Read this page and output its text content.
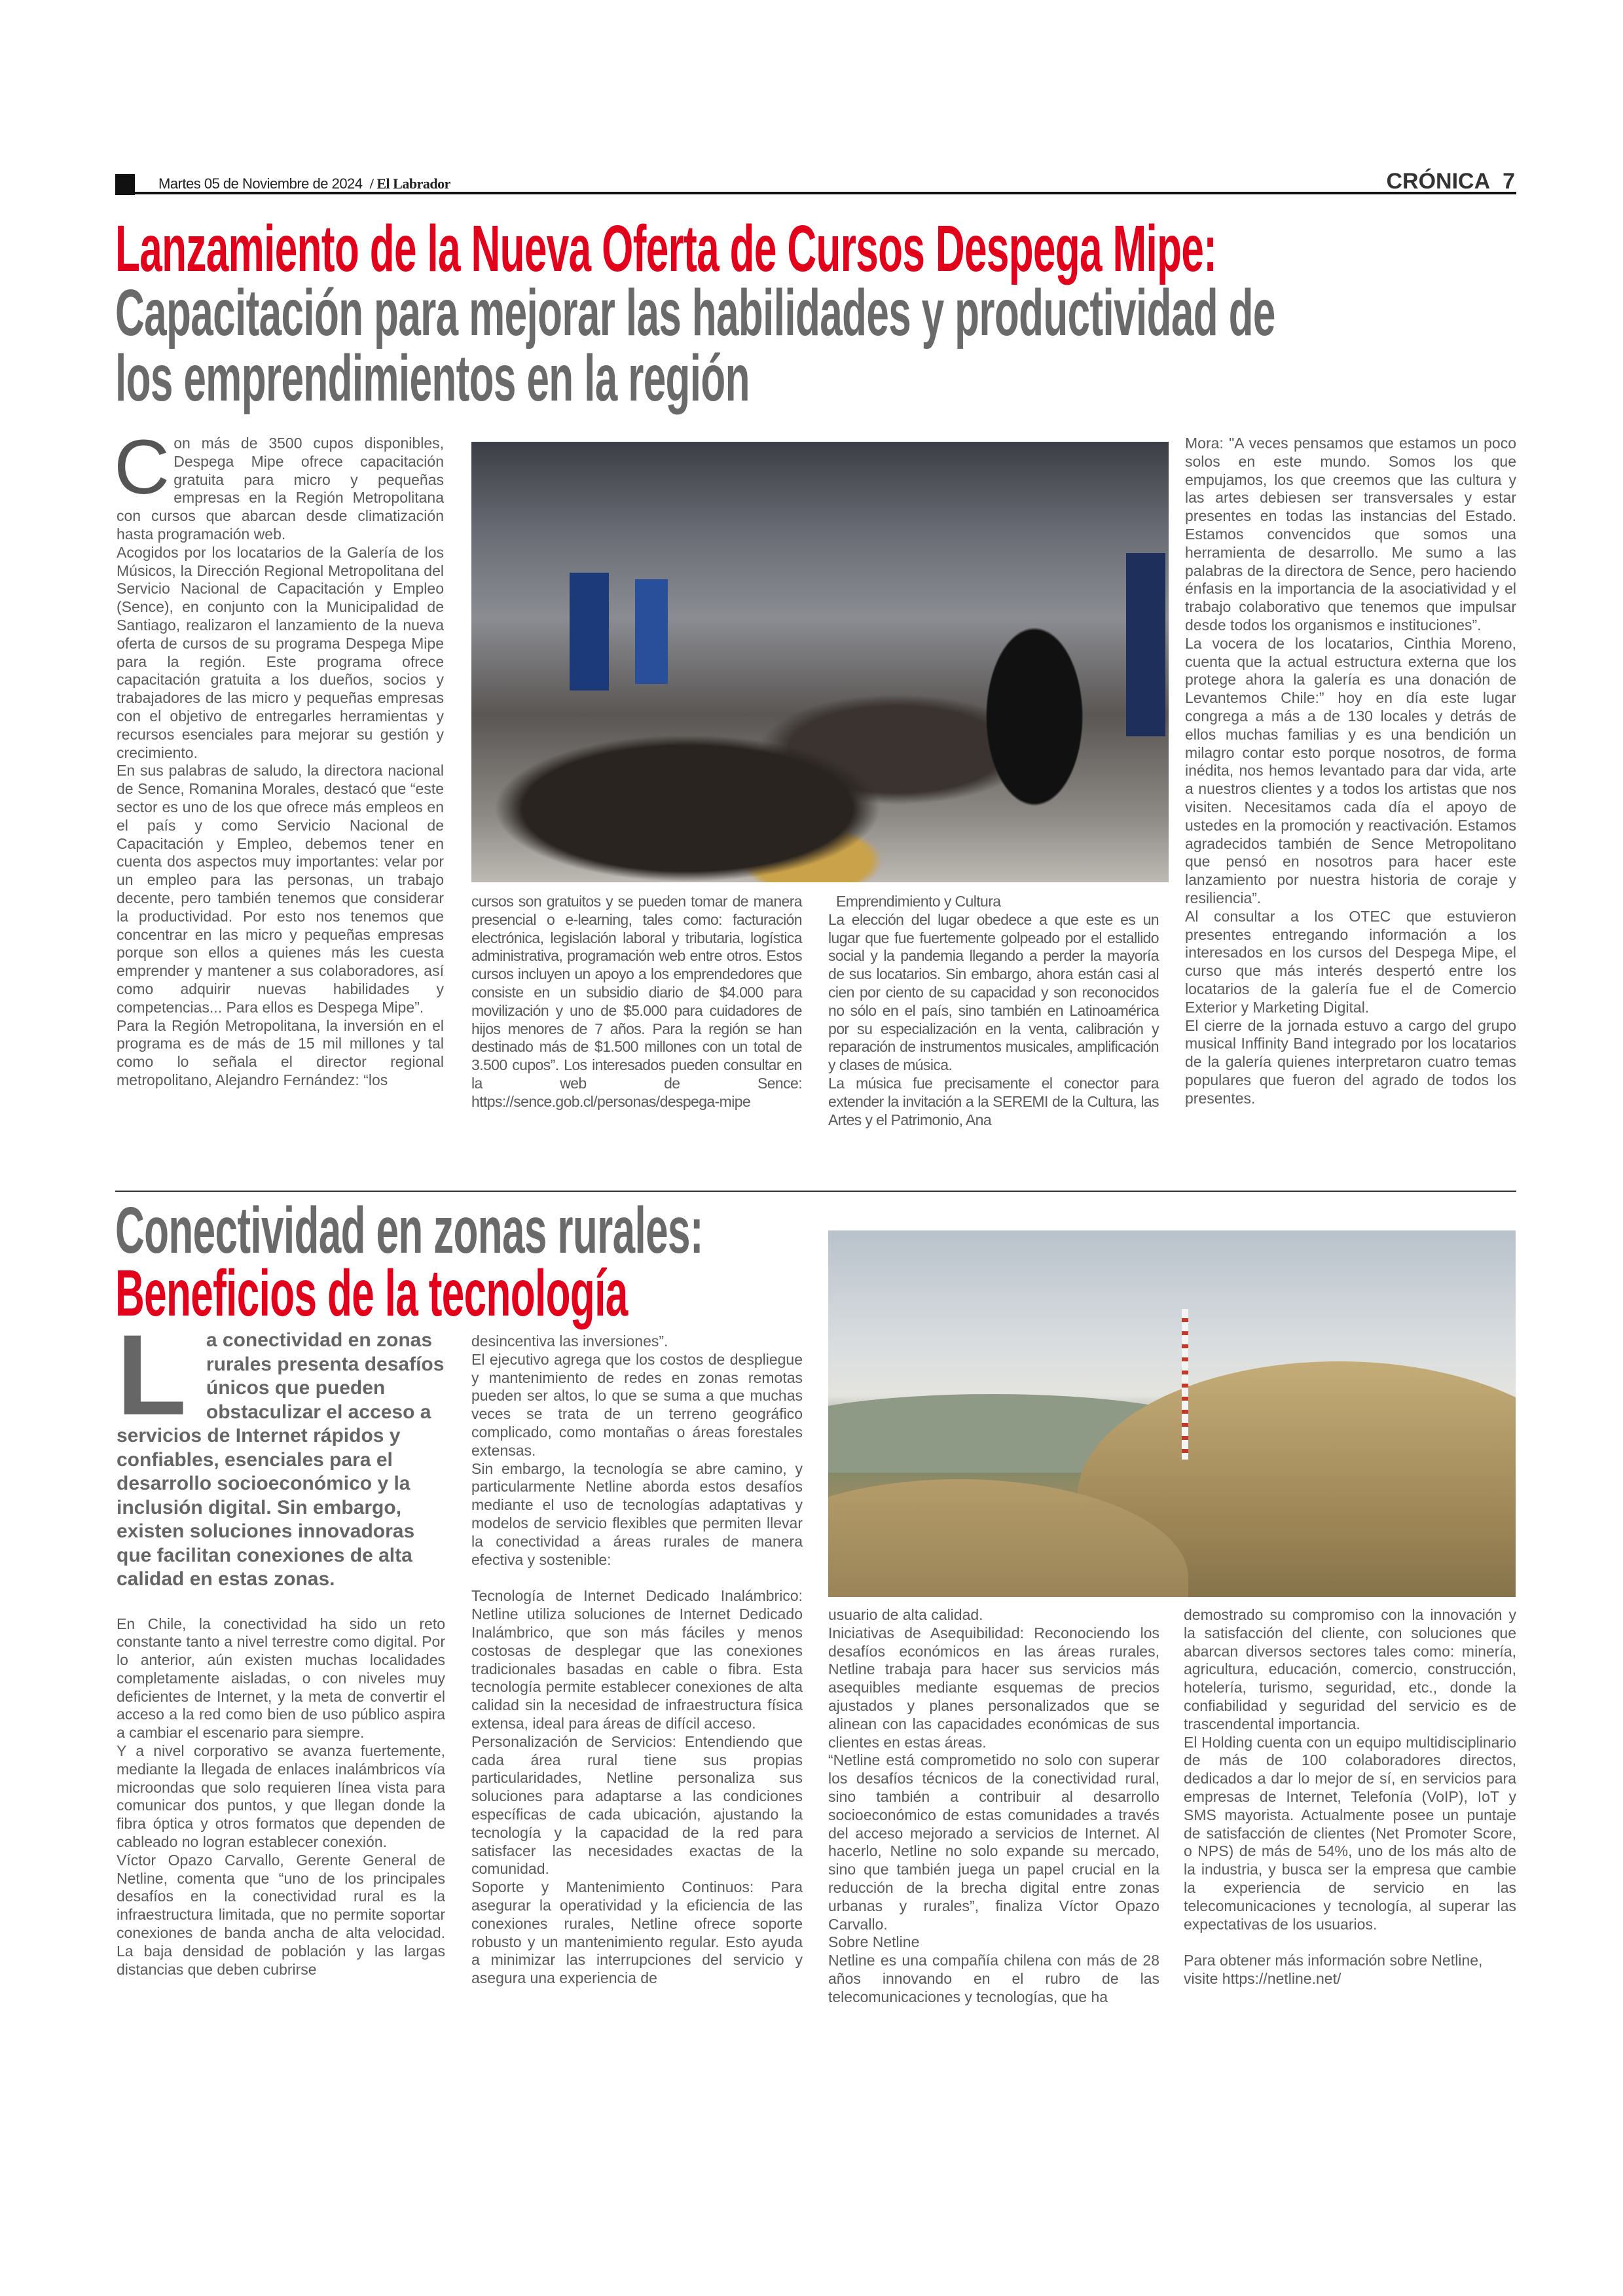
Martes 05 de Noviembre de 2024 / El Labrador	CRÓNICA 7
Lanzamiento de la Nueva Oferta de Cursos Despega Mipe:
Capacitación para mejorar las habilidades y productividad de
los emprendimientos en la región

Con más de 3500 cupos disponibles, Despega Mipe ofrece capacitación gratuita para micro y pequeñas empresas en la Región Metropolitana con cursos que abarcan desde climatización hasta programación web.

Acogidos por los locatarios de la Galería de los Músicos, la Dirección Regional Metropolitana del Servicio Nacional de Capacitación y Empleo (Sence), en conjunto con la Municipalidad de Santiago, realizaron el lanzamiento de la nueva oferta de cursos de su programa Despega Mipe para la región. Este programa ofrece capacitación gratuita a los dueños, socios y trabajadores de las micro y pequeñas empresas con el objetivo de entregarles herramientas y recursos esenciales para mejorar su gestión y crecimiento.

En sus palabras de saludo, la directora nacional de Sence, Romanina Morales, destacó que “este sector es uno de los que ofrece más empleos en el país y como Servicio Nacional de Capacitación y Empleo, debemos tener en cuenta dos aspectos muy importantes: velar por un empleo para las personas, un trabajo decente, pero también tenemos que considerar la productividad. Por esto nos tenemos que concentrar en las micro y pequeñas empresas porque son ellos a quienes más les cuesta emprender y mantener a sus colaboradores, así como adquirir nuevas habilidades y competencias... Para ellos es Despega Mipe”.

Para la Región Metropolitana, la inversión en el programa es de más de 15 mil millones y tal como lo señala el director regional metropolitano, Alejandro Fernández: “los

cursos son gratuitos y se pueden tomar de manera presencial o e-learning, tales como: facturación electrónica, legislación laboral y tributaria, logística administrativa, programación web entre otros. Estos cursos incluyen un apoyo a los emprendedores que consiste en un subsidio diario de $4.000 para movilización y uno de $5.000 para cuidadores de hijos menores de 7 años. Para la región se han destinado más de $1.500 millones con un total de 3.500 cupos”. Los interesados pueden consultar en la web de Sence: https://sence.gob.cl/personas/despega-mipe

Emprendimiento y Cultura

La elección del lugar obedece a que este es un lugar que fue fuertemente golpeado por el estallido social y la pandemia llegando a perder la mayoría de sus locatarios. Sin embargo, ahora están casi al cien por ciento de su capacidad y son reconocidos no sólo en el país, sino también en Latinoamérica por su especialización en la venta, calibración y reparación de instrumentos musicales, amplificación y clases de música.

La música fue precisamente el conector para extender la invitación a la SEREMI de la Cultura, las Artes y el Patrimonio, Ana

Mora: "A veces pensamos que estamos un poco solos en este mundo. Somos los que empujamos, los que creemos que las cultura y las artes debiesen ser transversales y estar presentes en todas las instancias del Estado. Estamos convencidos que somos una herramienta de desarrollo. Me sumo a las palabras de la directora de Sence, pero haciendo énfasis en la importancia de la asociatividad y el trabajo colaborativo que tenemos que impulsar desde todos los organismos e instituciones”.

La vocera de los locatarios, Cinthia Moreno, cuenta que la actual estructura externa que los protege ahora la galería es una donación de Levantemos Chile:” hoy en día este lugar congrega a más a de 130 locales y detrás de ellos muchas familias y es una bendición un milagro contar esto porque nosotros, de forma inédita, nos hemos levantado para dar vida, arte a nuestros clientes y a todos los artistas que nos visiten. Necesitamos cada día el apoyo de ustedes en la promoción y reactivación. Estamos agradecidos también de Sence Metropolitano que pensó en nosotros para hacer este lanzamiento por nuestra historia de coraje y resiliencia”.

Al consultar a los OTEC que estuvieron presentes entregando información a los interesados en los cursos del Despega Mipe, el curso que más interés despertó entre los locatarios de la galería fue el de Comercio Exterior y Marketing Digital.

El cierre de la jornada estuvo a cargo del grupo musical Inffinity Band integrado por los locatarios de la galería quienes interpretaron cuatro temas populares que fueron del agrado de todos los presentes.

Conectividad en zonas rurales:
Beneficios de la tecnología

L a conectividad en zonas rurales presenta desafíos únicos que pueden obstaculizar el acceso a servicios de Internet rápidos y confiables, esenciales para el desarrollo socioeconómico y la inclusión digital. Sin embargo, existen soluciones innovadoras que facilitan conexiones de alta calidad en estas zonas.

En Chile, la conectividad ha sido un reto constante tanto a nivel terrestre como digital. Por lo anterior, aún existen muchas localidades completamente aisladas, o con niveles muy deficientes de Internet, y la meta de convertir el acceso a la red como bien de uso público aspira a cambiar el escenario para siempre.

Y a nivel corporativo se avanza fuertemente, mediante la llegada de enlaces inalámbricos vía microondas que solo requieren línea vista para comunicar dos puntos, y que llegan donde la fibra óptica y otros formatos que dependen de cableado no logran establecer conexión.

Víctor Opazo Carvallo, Gerente General de Netline, comenta que “uno de los principales desafíos en la conectividad rural es la infraestructura limitada, que no permite soportar conexiones de banda ancha de alta velocidad. La baja densidad de población y las largas distancias que deben cubrirse

desincentiva las inversiones”.

El ejecutivo agrega que los costos de despliegue y mantenimiento de redes en zonas remotas pueden ser altos, lo que se suma a que muchas veces se trata de un terreno geográfico complicado, como montañas o áreas forestales extensas.

Sin embargo, la tecnología se abre camino, y particularmente Netline aborda estos desafíos mediante el uso de tecnologías adaptativas y modelos de servicio flexibles que permiten llevar la conectividad a áreas rurales de manera efectiva y sostenible:

Tecnología de Internet Dedicado Inalámbrico: Netline utiliza soluciones de Internet Dedicado Inalámbrico, que son más fáciles y menos costosas de desplegar que las conexiones tradicionales basadas en cable o fibra. Esta tecnología permite establecer conexiones de alta calidad sin la necesidad de infraestructura física extensa, ideal para áreas de difícil acceso.

Personalización de Servicios: Entendiendo que cada área rural tiene sus propias particularidades, Netline personaliza sus soluciones para adaptarse a las condiciones específicas de cada ubicación, ajustando la tecnología y la capacidad de la red para satisfacer las necesidades exactas de la comunidad.

Soporte y Mantenimiento Continuos: Para asegurar la operatividad y la eficiencia de las conexiones rurales, Netline ofrece soporte robusto y un mantenimiento regular. Esto ayuda a minimizar las interrupciones del servicio y asegura una experiencia de

usuario de alta calidad.

Iniciativas de Asequibilidad: Reconociendo los desafíos económicos en las áreas rurales, Netline trabaja para hacer sus servicios más asequibles mediante esquemas de precios ajustados y planes personalizados que se alinean con las capacidades económicas de sus clientes en estas áreas.

“Netline está comprometido no solo con superar los desafíos técnicos de la conectividad rural, sino también a contribuir al desarrollo socioeconómico de estas comunidades a través del acceso mejorado a servicios de Internet. Al hacerlo, Netline no solo expande su mercado, sino que también juega un papel crucial en la reducción de la brecha digital entre zonas urbanas y rurales”, finaliza Víctor Opazo Carvallo.

Sobre Netline

Netline es una compañía chilena con más de 28 años innovando en el rubro de las telecomunicaciones y tecnologías, que ha

demostrado su compromiso con la innovación y la satisfacción del cliente, con soluciones que abarcan diversos sectores tales como: minería, agricultura, educación, comercio, construcción, hotelería, turismo, seguridad, etc., donde la confiabilidad y seguridad del servicio es de trascendental importancia.

El Holding cuenta con un equipo multidisciplinario de más de 100 colaboradores directos, dedicados a dar lo mejor de sí, en servicios para empresas de Internet, Telefonía (VoIP), IoT y SMS mayorista. Actualmente posee un puntaje de satisfacción de clientes (Net Promoter Score, o NPS) de más de 54%, uno de los más alto de la industria, y busca ser la empresa que cambie la experiencia de servicio en las telecomunicaciones y tecnología, al superar las expectativas de los usuarios.

Para obtener más información sobre Netline, visite https://netline.net/
